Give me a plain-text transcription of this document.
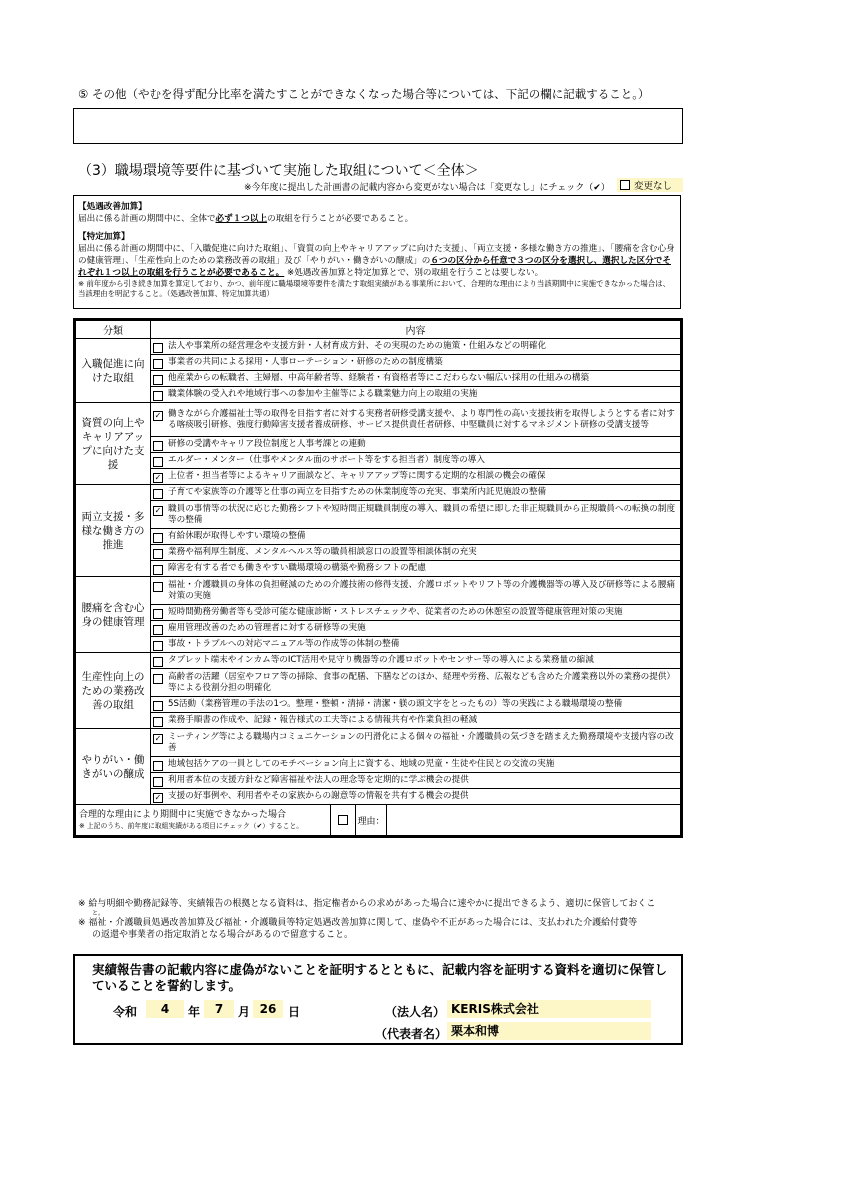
⑤ その他（やむを得ず配分比率を満たすことができなくなった場合等については、下記の欄に記載すること。）
（3）職場環境等要件に基づいて実施した取組について＜全体＞
※今年度に提出した計画書の記載内容から変更がない場合は「変更なし」にチェック（✔）	変更なし

【処遇改善加算】

届出に係る計画の期間中に、全体で必ず１つ以上の取組を行うことが必要であること。

【特定加算】

届出に係る計画の期間中に、「入職促進に向けた取組」、「資質の向上やキャリアアップに向けた支援」、「両立支援・多様な働き方の推進」、「腰痛を含む心身の健康管理」、「生産性向上のための業務改善の取組」及び「やりがい・働きがいの醸成」の６つの区分から任意で３つの区分を選択し、選択した区分でそれぞれ１つ以上の取組を行うことが必要であること。 ※処遇改善加算と特定加算とで、別の取組を行うことは要しない。

※ 前年度から引き続き加算を算定しており、かつ、前年度に職場環境等要件を満たす取組実績がある事業所において、合理的な理由により当該期間中に実施できなかった場合は、当該理由を明記すること。（処遇改善加算、特定加算共通）

分類	内容
入職促進に向けた取組	法人や事業所の経営理念や支援方針・人材育成方針、その実現のための施策・仕組みなどの明確化

	事業者の共同による採用・人事ローテーション・研修のための制度構築

	他産業からの転職者、主婦層、中高年齢者等、経験者・有資格者等にこだわらない幅広い採用の仕組みの構築

	職業体験の受入れや地域行事への参加や主催等による職業魅力向上の取組の実施

資質の向上やキャリアアップに向けた支援	✓ 働きながら介護福祉士等の取得を目指す者に対する実務者研修受講支援や、より専門性の高い支援技術を取得しようとする者に対する喀痰吸引研修、強度行動障害支援者養成研修、サービス提供責任者研修、中堅職員に対するマネジメント研修の受講支援等

	研修の受講やキャリア段位制度と人事考課との連動

	エルダー・メンター（仕事やメンタル面のサポート等をする担当者）制度等の導入

	✓ 上位者・担当者等によるキャリア面談など、キャリアアップ等に関する定期的な相談の機会の確保

両立支援・多様な働き方の推進	子育てや家族等の介護等と仕事の両立を目指すための休業制度等の充実、事業所内託児施設の整備

	✓ 職員の事情等の状況に応じた勤務シフトや短時間正規職員制度の導入、職員の希望に即した非正規職員から正規職員への転換の制度等の整備

	有給休暇が取得しやすい環境の整備

	業務や福利厚生制度、メンタルヘルス等の職員相談窓口の設置等相談体制の充実

	障害を有する者でも働きやすい職場環境の構築や勤務シフトの配慮

腰痛を含む心身の健康管理	福祉・介護職員の身体の負担軽減のための介護技術の修得支援、介護ロボットやリフト等の介護機器等の導入及び研修等による腰痛対策の実施

	短時間勤務労働者等も受診可能な健康診断・ストレスチェックや、従業者のための休憩室の設置等健康管理対策の実施

	雇用管理改善のための管理者に対する研修等の実施

	事故・トラブルへの対応マニュアル等の作成等の体制の整備

生産性向上のための業務改善の取組	タブレット端末やインカム等のICT活用や見守り機器等の介護ロボットやセンサー等の導入による業務量の縮減

	高齢者の活躍（居室やフロア等の掃除、食事の配膳、下膳などのほか、経理や労務、広報なども含めた介護業務以外の業務の提供）等による役割分担の明確化

	5S活動（業務管理の手法の1つ。整理・整頓・清掃・清潔・躾の頭文字をとったもの）等の実践による職場環境の整備

	業務手順書の作成や、記録・報告様式の工夫等による情報共有や作業負担の軽減

やりがい・働きがいの醸成	✓ ミーティング等による職場内コミュニケーションの円滑化による個々の福祉・介護職員の気づきを踏まえた勤務環境や支援内容の改善

	地域包括ケアの一員としてのモチベーション向上に資する、地域の児童・生徒や住民との交流の実施

	利用者本位の支援方針など障害福祉や法人の理念等を定期的に学ぶ機会の提供

	✓ 支援の好事例や、利用者やその家族からの謝意等の情報を共有する機会の提供

合理的な理由により期間中に実施できなかった場合
※ 上記のうち、前年度に取組実績がある項目にチェック（✔）すること。 理由：	
※ 給与明細や勤務記録等、実績報告の根拠となる資料は、指定権者からの求めがあった場合に速やかに提出できるよう、適切に保管しておくこ
と。
※ 福祉・介護職員処遇改善加算及び福祉・介護職員等特定処遇改善加算に関して、虚偽や不正があった場合には、支払われた介護給付費等
の返還や事業者の指定取消となる場合があるので留意すること。
実績報告書の記載内容に虚偽がないことを証明するとともに、記載内容を証明する資料を適切に保管していることを誓約します。
令和	4	年	7	月 26 日	（法人名） KERIS株式会社
（代表者名） 栗本和博
